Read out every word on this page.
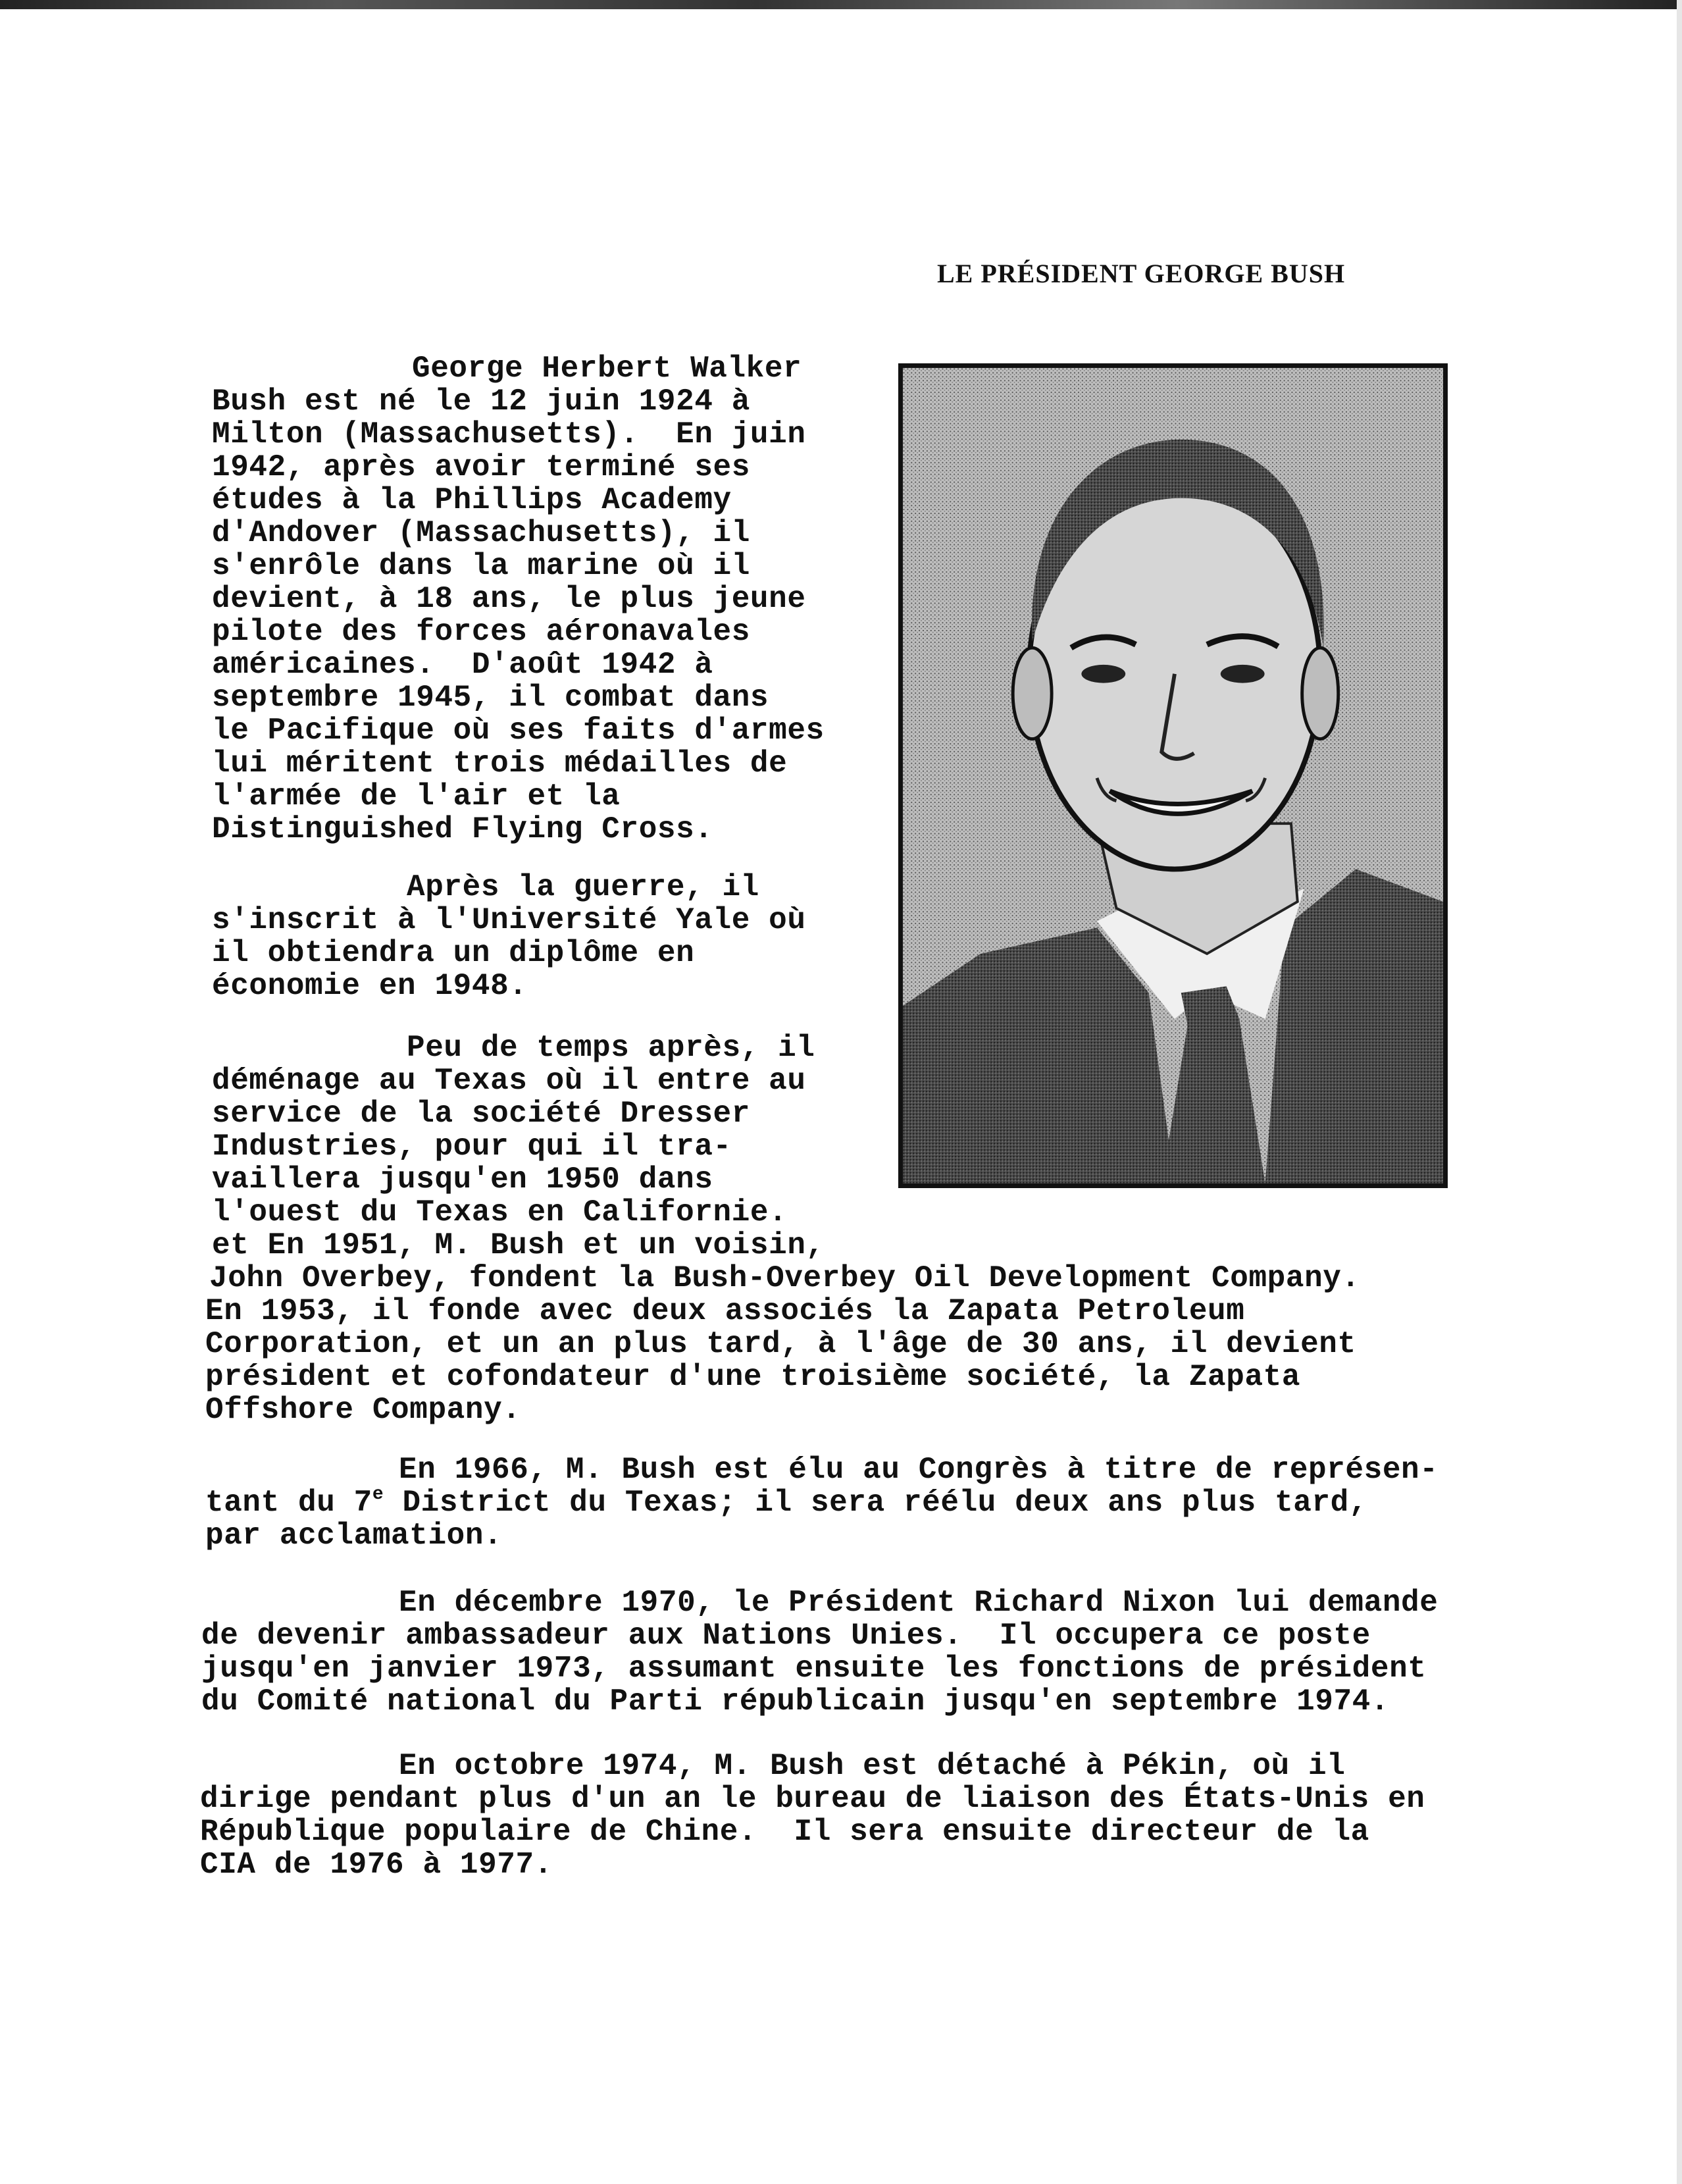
LE PRÉSIDENT GEORGE BUSH
George Herbert Walker
Bush est né le 12 juin 1924 à
Milton (Massachusetts).  En juin
1942, après avoir terminé ses
études à la Phillips Academy
d'Andover (Massachusetts), il
s'enrôle dans la marine où il
devient, à 18 ans, le plus jeune
pilote des forces aéronavales
américaines.  D'août 1942 à
septembre 1945, il combat dans
le Pacifique où ses faits d'armes
lui méritent trois médailles de
l'armée de l'air et la
Distinguished Flying Cross.
Après la guerre, il
s'inscrit à l'Université Yale où
il obtiendra un diplôme en
économie en 1948.
Peu de temps après, il
déménage au Texas où il entre au
service de la société Dresser
Industries, pour qui il tra-
vaillera jusqu'en 1950 dans
l'ouest du Texas en Californie.
et En 1951, M. Bush et un voisin,
John Overbey, fondent la Bush-Overbey Oil Development Company.
En 1953, il fonde avec deux associés la Zapata Petroleum
Corporation, et un an plus tard, à l'âge de 30 ans, il devient
président et cofondateur d'une troisième société, la Zapata
Offshore Company.
En 1966, M. Bush est élu au Congrès à titre de représen-
tant du 7e District du Texas; il sera réélu deux ans plus tard,
par acclamation.
En décembre 1970, le Président Richard Nixon lui demande
de devenir ambassadeur aux Nations Unies.  Il occupera ce poste
jusqu'en janvier 1973, assumant ensuite les fonctions de président
du Comité national du Parti républicain jusqu'en septembre 1974.
En octobre 1974, M. Bush est détaché à Pékin, où il
dirige pendant plus d'un an le bureau de liaison des États-Unis en
République populaire de Chine.  Il sera ensuite directeur de la
CIA de 1976 à 1977.
